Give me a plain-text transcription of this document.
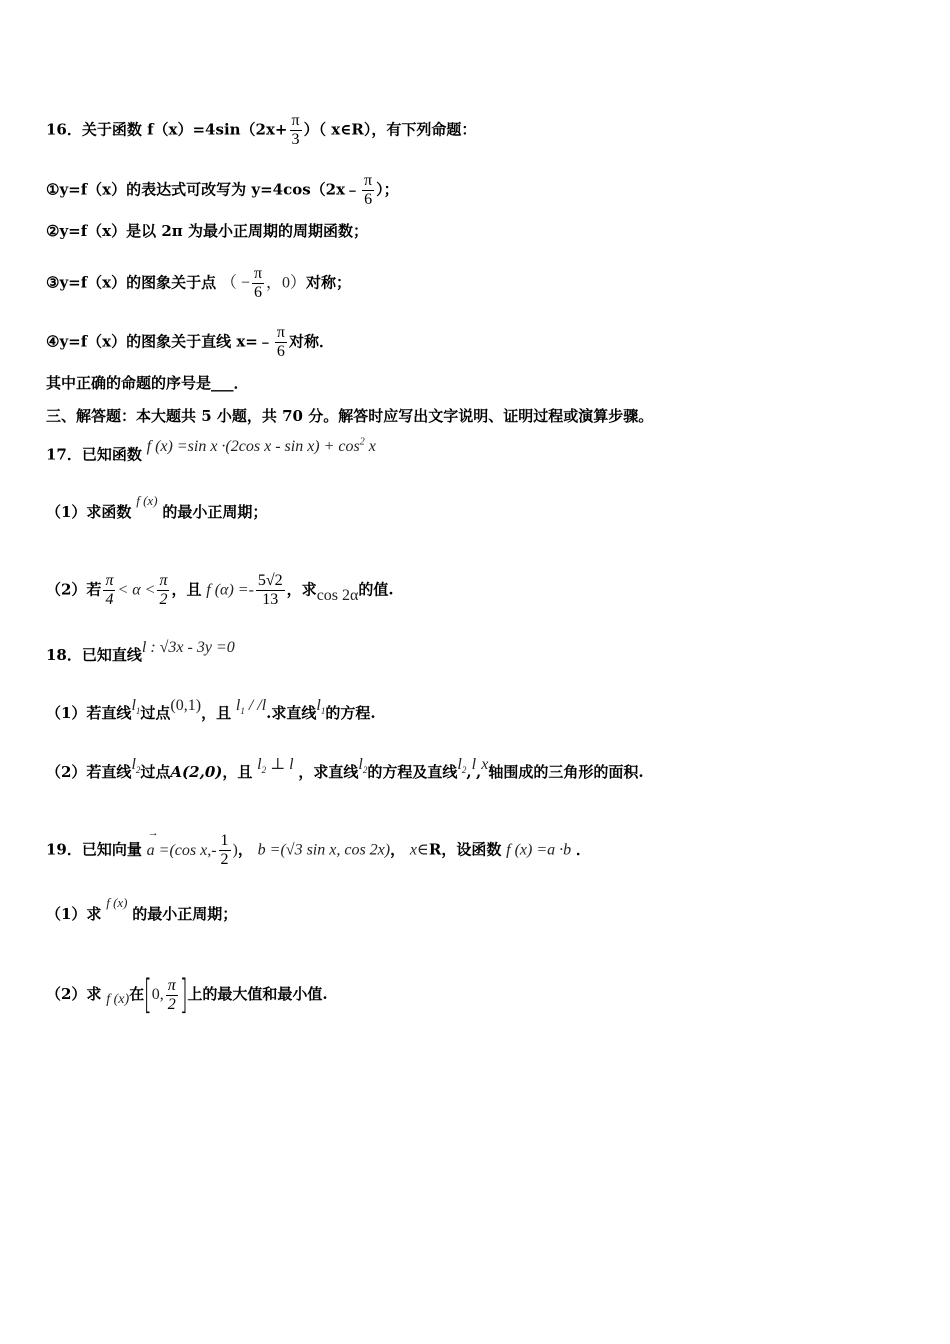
16．关于函数 $f(x)=4\sin(2x+ \frac{\pi}{3}$ ）（ x∈R），有下列命题：
①y=f（x）的表达式可改写为 y=4cos（2x﹣ $\frac{\pi}{6}$ ）；
②y=f（x）是以 2π 为最小正周期的周期函数；
③y=f（x）的图象关于点 （ − $\frac{\pi}{6}$ ，0）对称；
④y=f（x）的图象关于直线 x=﹣ $\frac{\pi}{6}$ 对称．
其中正确的命题的序号是___．
三、解答题：本大题共 5 小题，共 70 分。解答时应写出文字说明、证明过程或演算步骤。
17．已知函数 f (x) =sin x ·(2cos $x - \sin x) + \cos^2 x$
（1）求函数 f (x) 的最小正周期；
（2）若 $\frac{\pi}{4} < \alpha < \frac{\pi}{2}$ ，且 f $(\alpha) =- \frac{5√2}{13}$ ，求cos 2α的值.
18．已知直线l : √3x - 3y =0
（1）若直线$l_1$过点(0,1)，且 $l_1 / /l$.求直线$l_1$的方程.
（2）若直线$l_2$过点A(2,0)，且 $l_2$ ⊥ l ，求直线$l_2$的方程及直线$l_2,l,x$轴围成的三角形的面积.
19．已知向量
→
a =(cos $x,- \frac{1}{2}$ )， b =(√3 sin x, cos 2x)， x∈R，设函数 f (x) =a ·b ．
（1）求 f (x) 的最小正周期；
（2）求 f (x)在[0, $\frac{\pi}{2}$ ]上的最大值和最小值.
